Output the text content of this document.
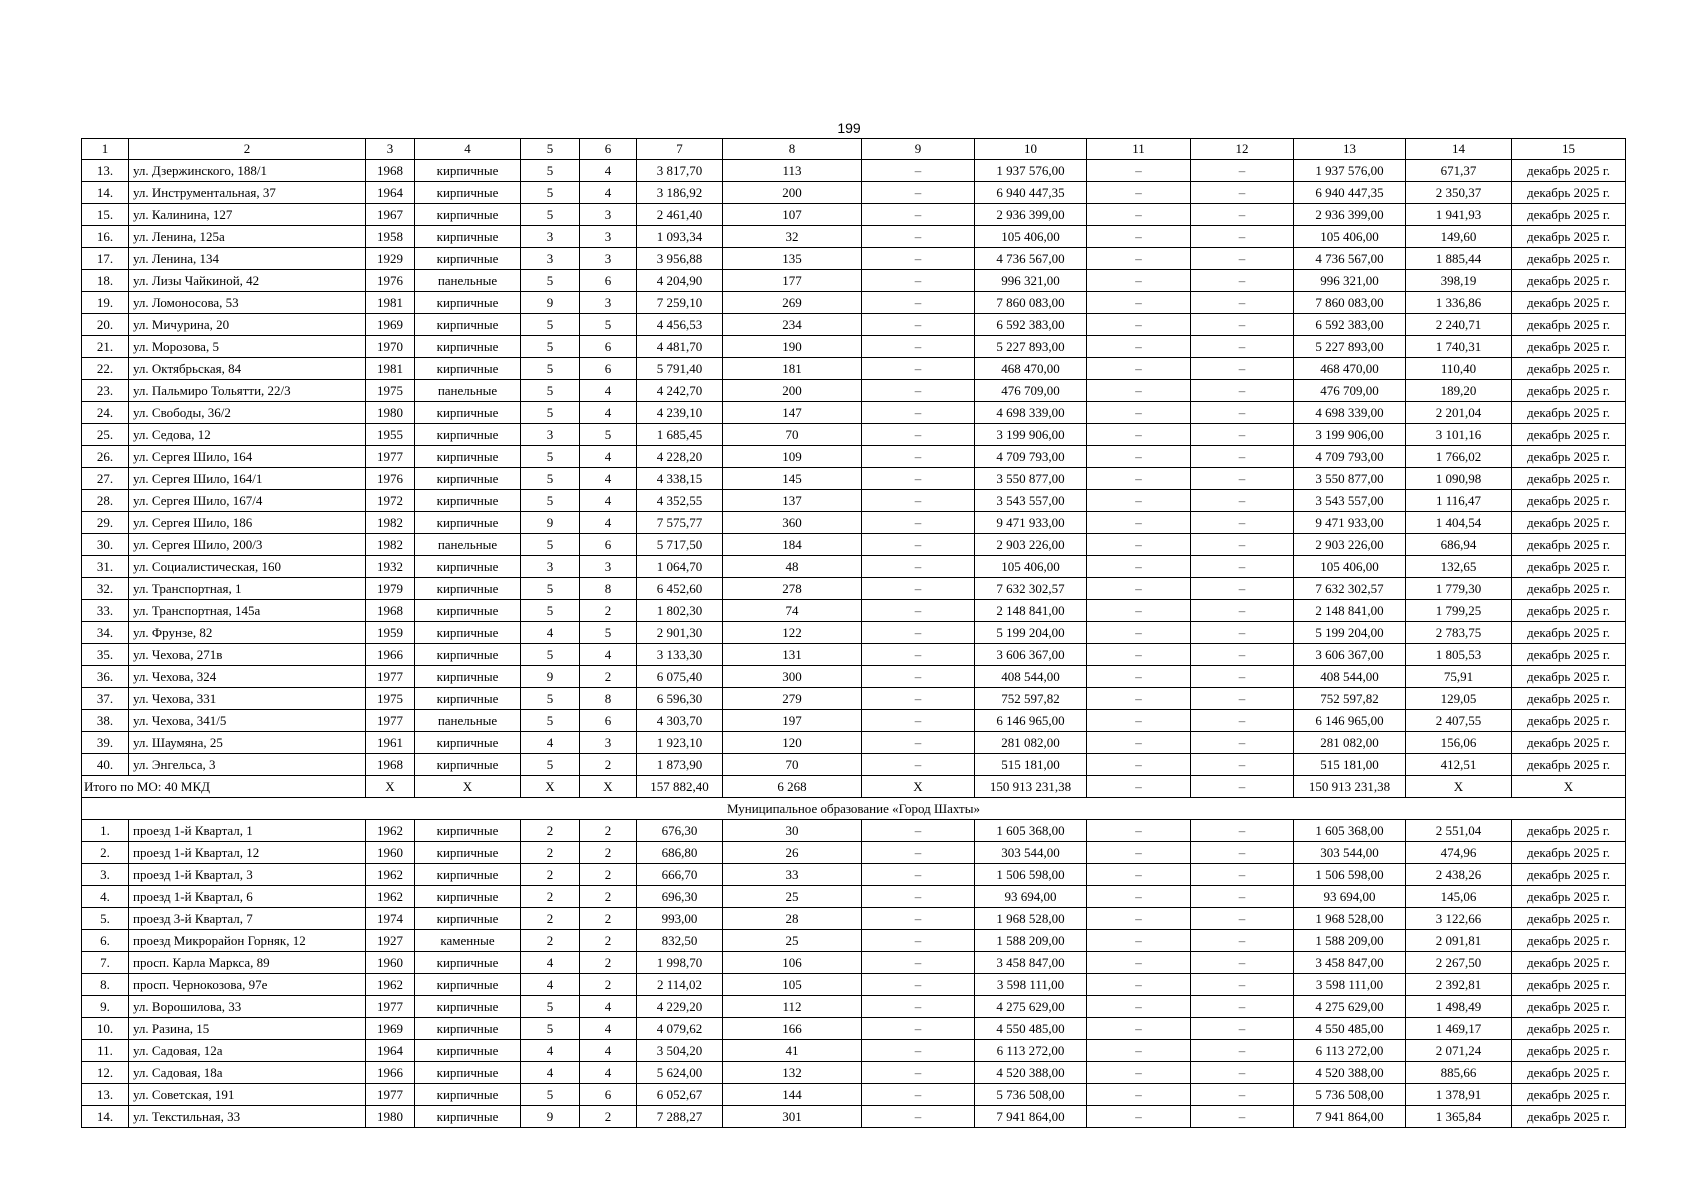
199
1	2	3	4	5	6	7	8	9	10	11	12	13	14	15
13.	ул. Дзержинского, 188/1	1968	кирпичные	5	4	3 817,70	113	–	1 937 576,00	–	–	1 937 576,00	671,37	декабрь 2025 г.
14.	ул. Инструментальная, 37	1964	кирпичные	5	4	3 186,92	200	–	6 940 447,35	–	–	6 940 447,35	2 350,37	декабрь 2025 г.
15.	ул. Калинина, 127	1967	кирпичные	5	3	2 461,40	107	–	2 936 399,00	–	–	2 936 399,00	1 941,93	декабрь 2025 г.
16.	ул. Ленина, 125а	1958	кирпичные	3	3	1 093,34	32	–	105 406,00	–	–	105 406,00	149,60	декабрь 2025 г.
17.	ул. Ленина, 134	1929	кирпичные	3	3	3 956,88	135	–	4 736 567,00	–	–	4 736 567,00	1 885,44	декабрь 2025 г.
18.	ул. Лизы Чайкиной, 42	1976	панельные	5	6	4 204,90	177	–	996 321,00	–	–	996 321,00	398,19	декабрь 2025 г.
19.	ул. Ломоносова, 53	1981	кирпичные	9	3	7 259,10	269	–	7 860 083,00	–	–	7 860 083,00	1 336,86	декабрь 2025 г.
20.	ул. Мичурина, 20	1969	кирпичные	5	5	4 456,53	234	–	6 592 383,00	–	–	6 592 383,00	2 240,71	декабрь 2025 г.
21.	ул. Морозова, 5	1970	кирпичные	5	6	4 481,70	190	–	5 227 893,00	–	–	5 227 893,00	1 740,31	декабрь 2025 г.
22.	ул. Октябрьская, 84	1981	кирпичные	5	6	5 791,40	181	–	468 470,00	–	–	468 470,00	110,40	декабрь 2025 г.
23.	ул. Пальмиро Тольятти, 22/3	1975	панельные	5	4	4 242,70	200	–	476 709,00	–	–	476 709,00	189,20	декабрь 2025 г.
24.	ул. Свободы, 36/2	1980	кирпичные	5	4	4 239,10	147	–	4 698 339,00	–	–	4 698 339,00	2 201,04	декабрь 2025 г.
25.	ул. Седова, 12	1955	кирпичные	3	5	1 685,45	70	–	3 199 906,00	–	–	3 199 906,00	3 101,16	декабрь 2025 г.
26.	ул. Сергея Шило, 164	1977	кирпичные	5	4	4 228,20	109	–	4 709 793,00	–	–	4 709 793,00	1 766,02	декабрь 2025 г.
27.	ул. Сергея Шило, 164/1	1976	кирпичные	5	4	4 338,15	145	–	3 550 877,00	–	–	3 550 877,00	1 090,98	декабрь 2025 г.
28.	ул. Сергея Шило, 167/4	1972	кирпичные	5	4	4 352,55	137	–	3 543 557,00	–	–	3 543 557,00	1 116,47	декабрь 2025 г.
29.	ул. Сергея Шило, 186	1982	кирпичные	9	4	7 575,77	360	–	9 471 933,00	–	–	9 471 933,00	1 404,54	декабрь 2025 г.
30.	ул. Сергея Шило, 200/3	1982	панельные	5	6	5 717,50	184	–	2 903 226,00	–	–	2 903 226,00	686,94	декабрь 2025 г.
31.	ул. Социалистическая, 160	1932	кирпичные	3	3	1 064,70	48	–	105 406,00	–	–	105 406,00	132,65	декабрь 2025 г.
32.	ул. Транспортная, 1	1979	кирпичные	5	8	6 452,60	278	–	7 632 302,57	–	–	7 632 302,57	1 779,30	декабрь 2025 г.
33.	ул. Транспортная, 145а	1968	кирпичные	5	2	1 802,30	74	–	2 148 841,00	–	–	2 148 841,00	1 799,25	декабрь 2025 г.
34.	ул. Фрунзе, 82	1959	кирпичные	4	5	2 901,30	122	–	5 199 204,00	–	–	5 199 204,00	2 783,75	декабрь 2025 г.
35.	ул. Чехова, 271в	1966	кирпичные	5	4	3 133,30	131	–	3 606 367,00	–	–	3 606 367,00	1 805,53	декабрь 2025 г.
36.	ул. Чехова, 324	1977	кирпичные	9	2	6 075,40	300	–	408 544,00	–	–	408 544,00	75,91	декабрь 2025 г.
37.	ул. Чехова, 331	1975	кирпичные	5	8	6 596,30	279	–	752 597,82	–	–	752 597,82	129,05	декабрь 2025 г.
38.	ул. Чехова, 341/5	1977	панельные	5	6	4 303,70	197	–	6 146 965,00	–	–	6 146 965,00	2 407,55	декабрь 2025 г.
39.	ул. Шаумяна, 25	1961	кирпичные	4	3	1 923,10	120	–	281 082,00	–	–	281 082,00	156,06	декабрь 2025 г.
40.	ул. Энгельса, 3	1968	кирпичные	5	2	1 873,90	70	–	515 181,00	–	–	515 181,00	412,51	декабрь 2025 г.
Итого по МО: 40 МКД		X	X	X	X	157 882,40	6 268	X	150 913 231,38	–	–	150 913 231,38	X	X
Муниципальное образование «Город Шахты»														
1.	проезд 1-й Квартал, 1	1962	кирпичные	2	2	676,30	30	–	1 605 368,00	–	–	1 605 368,00	2 551,04	декабрь 2025 г.
2.	проезд 1-й Квартал, 12	1960	кирпичные	2	2	686,80	26	–	303 544,00	–	–	303 544,00	474,96	декабрь 2025 г.
3.	проезд 1-й Квартал, 3	1962	кирпичные	2	2	666,70	33	–	1 506 598,00	–	–	1 506 598,00	2 438,26	декабрь 2025 г.
4.	проезд 1-й Квартал, 6	1962	кирпичные	2	2	696,30	25	–	93 694,00	–	–	93 694,00	145,06	декабрь 2025 г.
5.	проезд 3-й Квартал, 7	1974	кирпичные	2	2	993,00	28	–	1 968 528,00	–	–	1 968 528,00	3 122,66	декабрь 2025 г.
6.	проезд Микрорайон Горняк, 12	1927	каменные	2	2	832,50	25	–	1 588 209,00	–	–	1 588 209,00	2 091,81	декабрь 2025 г.
7.	просп. Карла Маркса, 89	1960	кирпичные	4	2	1 998,70	106	–	3 458 847,00	–	–	3 458 847,00	2 267,50	декабрь 2025 г.
8.	просп. Чернокозова, 97е	1962	кирпичные	4	2	2 114,02	105	–	3 598 111,00	–	–	3 598 111,00	2 392,81	декабрь 2025 г.
9.	ул. Ворошилова, 33	1977	кирпичные	5	4	4 229,20	112	–	4 275 629,00	–	–	4 275 629,00	1 498,49	декабрь 2025 г.
10.	ул. Разина, 15	1969	кирпичные	5	4	4 079,62	166	–	4 550 485,00	–	–	4 550 485,00	1 469,17	декабрь 2025 г.
11.	ул. Садовая, 12а	1964	кирпичные	4	4	3 504,20	41	–	6 113 272,00	–	–	6 113 272,00	2 071,24	декабрь 2025 г.
12.	ул. Садовая, 18а	1966	кирпичные	4	4	5 624,00	132	–	4 520 388,00	–	–	4 520 388,00	885,66	декабрь 2025 г.
13.	ул. Советская, 191	1977	кирпичные	5	6	6 052,67	144	–	5 736 508,00	–	–	5 736 508,00	1 378,91	декабрь 2025 г.
14.	ул. Текстильная, 33	1980	кирпичные	9	2	7 288,27	301	–	7 941 864,00	–	–	7 941 864,00	1 365,84	декабрь 2025 г.
